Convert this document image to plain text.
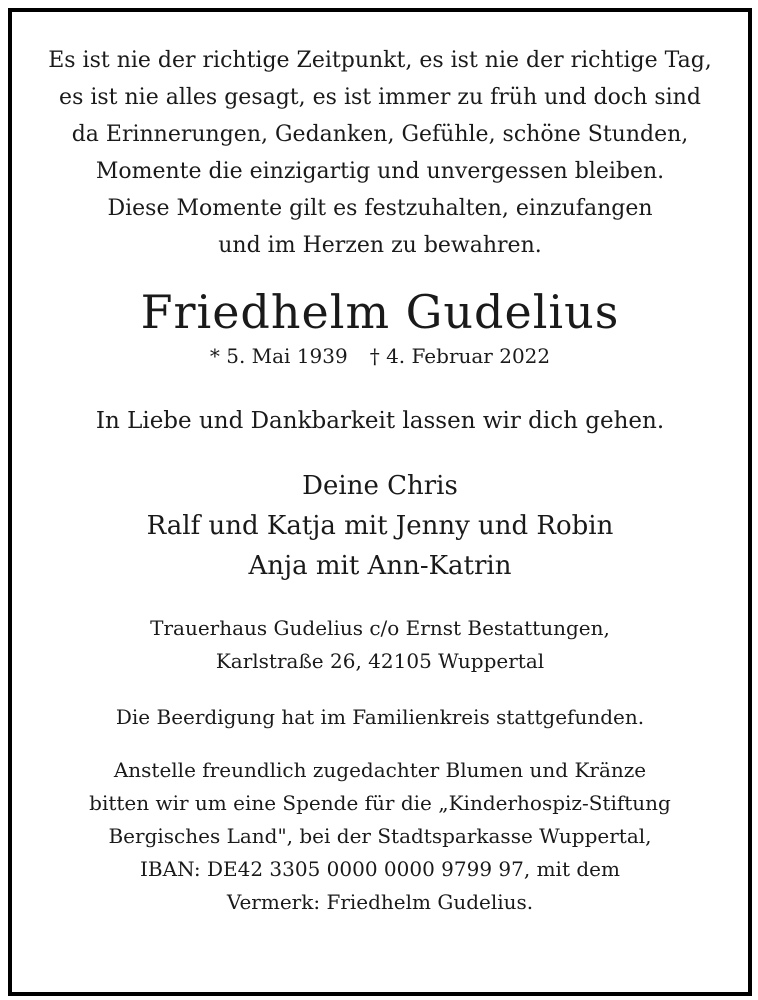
Es ist nie der richtige Zeitpunkt, es ist nie der richtige Tag,
es ist nie alles gesagt, es ist immer zu früh und doch sind
da Erinnerungen, Gedanken, Gefühle, schöne Stunden,
Momente die einzigartig und unvergessen bleiben.
Diese Momente gilt es festzuhalten, einzufangen
und im Herzen zu bewahren.
Friedhelm Gudelius
* 5. Mai 1939 † 4. Februar 2022
In Liebe und Dankbarkeit lassen wir dich gehen.
Deine Chris
Ralf und Katja mit Jenny und Robin
Anja mit Ann-Katrin
Trauerhaus Gudelius c/o Ernst Bestattungen,
Karlstraße 26, 42105 Wuppertal
Die Beerdigung hat im Familienkreis stattgefunden.
Anstelle freundlich zugedachter Blumen und Kränze
bitten wir um eine Spende für die „Kinderhospiz-Stiftung
Bergisches Land", bei der Stadtsparkasse Wuppertal,
IBAN: DE42 3305 0000 0000 9799 97, mit dem
Vermerk: Friedhelm Gudelius.
